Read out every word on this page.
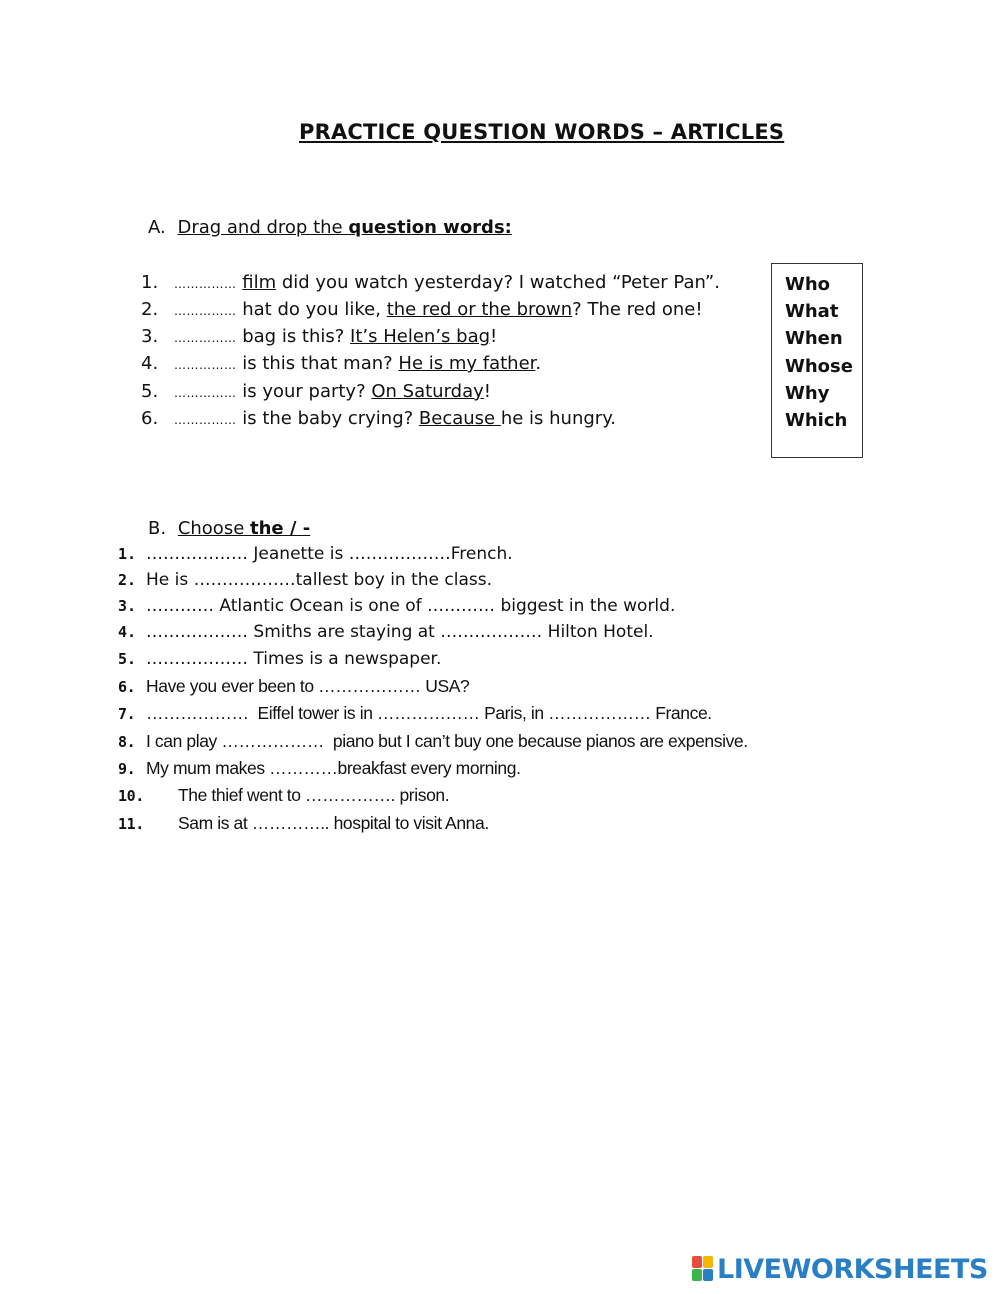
PRACTICE QUESTION WORDS – ARTICLES
A. Drag and drop the question words:
1. …………… film did you watch yesterday? I watched “Peter Pan”.
2. …………… hat do you like, the red or the brown? The red one!
3. …………… bag is this? It’s Helen’s bag!
4. …………… is this that man? He is my father.
5. …………… is your party? On Saturday!
6. …………… is the baby crying? Because he is hungry.
Who
What
When
Whose
Why
Which
B. Choose the / -
1. ……………… Jeanette is ………………French.
2. He is ………………tallest boy in the class.
3. ………… Atlantic Ocean is one of ………… biggest in the world.
4. ……………… Smiths are staying at ……………… Hilton Hotel.
5. ……………… Times is a newspaper.
6. Have you ever been to ……………… USA?
7. ………………  Eiffel tower is in ……………… Paris, in ……………… France.
8. I can play ………………  piano but I can’t buy one because pianos are expensive.
9. My mum makes …………breakfast every morning.
10. The thief went to ……………. prison.
11. Sam is at ………….. hospital to visit Anna.
LIVEWORKSHEETS
